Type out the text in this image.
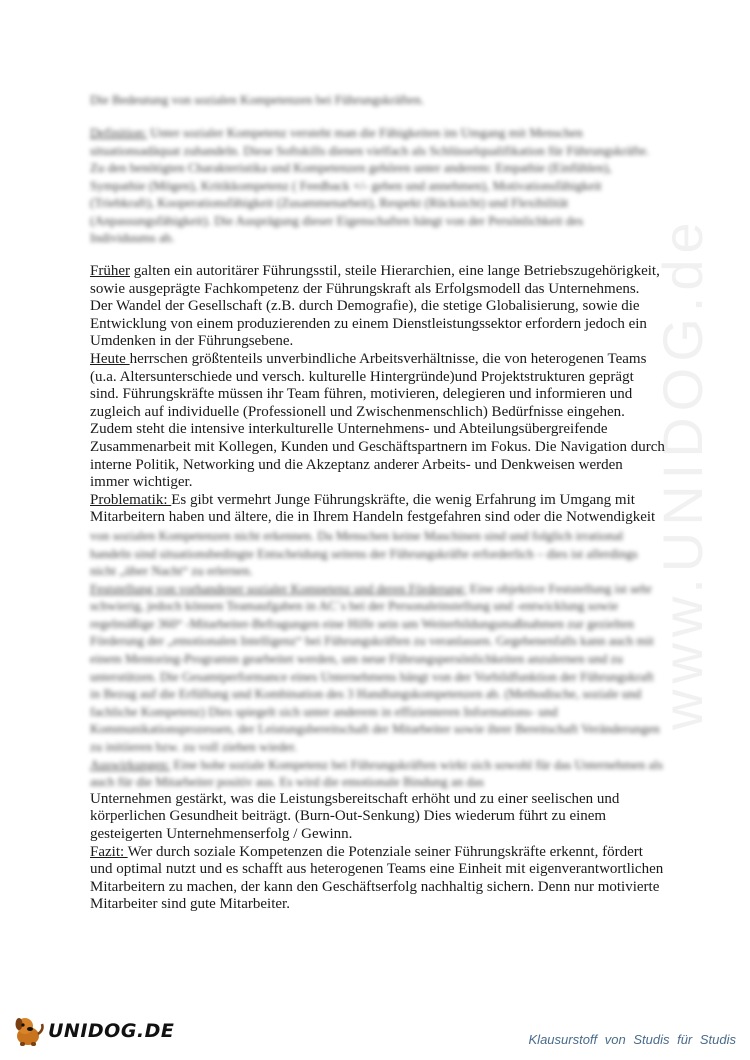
www.UNIDOG.de
Die Bedeutung von sozialen Kompetenzen bei Führungskräften.
Definition: Unter sozialer Kompetenz versteht man die Fähigkeiten im Umgang mit Menschen situationsadäquat zuhandeln. Diese Softskills dienen vielfach als Schlüsselqualifikation für Führungskräfte. Zu den benötigten Charakteristika und Kompetenzen gehören unter anderem: Empathie (Einfühlen), Sympathie (Mögen), Kritikkompetenz ( Feedback +/- geben und annehmen), Motivationsfähigkeit (Triebkraft), Kooperationsfähigkeit (Zusammenarbeit), Respekt (Rücksicht) und Flexibilität (Anpassungsfähigkeit). Die Ausprägung dieser Eigenschaften hängt von der Persönlichkeit des Individuums ab.

Früher galten ein autoritärer Führungsstil, steile Hierarchien, eine lange Betriebszugehörigkeit, sowie ausgeprägte Fachkompetenz der Führungskraft als Erfolgsmodell das Unternehmens. Der Wandel der Gesellschaft (z.B. durch Demografie), die stetige Globalisierung, sowie die Entwicklung von einem produzierenden zu einem Dienstleistungssektor erfordern jedoch ein Umdenken in der Führungsebene.

Heute herrschen größtenteils unverbindliche Arbeitsverhältnisse, die von heterogenen Teams (u.a. Altersunterschiede und versch. kulturelle Hintergründe)und Projektstrukturen geprägt sind. Führungskräfte müssen ihr Team führen, motivieren, delegieren und informieren und zugleich auf individuelle (Professionell und Zwischenmenschlich) Bedürfnisse eingehen. Zudem steht die intensive interkulturelle Unternehmens- und Abteilungsübergreifende Zusammenarbeit mit Kollegen, Kunden und Geschäftspartnern im Fokus. Die Navigation durch interne Politik, Networking und die Akzeptanz anderer Arbeits- und Denkweisen werden immer wichtiger.

Problematik: Es gibt vermehrt Junge Führungskräfte, die wenig Erfahrung im Umgang mit Mitarbeitern haben und ältere, die in Ihrem Handeln festgefahren sind oder die Notwendigkeit

von sozialen Kompetenzen nicht erkennen. Da Menschen keine Maschinen sind und folglich irrational handeln sind situationsbedingte Entscheidung seitens der Führungskräfte erforderlich – dies ist allerdings nicht „über Nacht“ zu erlernen.

Feststellung von vorhandener sozialer Kompetenz und deren Förderung: Eine objektive Feststellung ist sehr schwierig, jedoch können Teamaufgaben in AC´s bei der Personaleinstellung und -entwicklung sowie regelmäßige 360° -Mitarbeiter-Befragungen eine Hilfe sein um Weiterbildungsmaßnahmen zur gezielten Förderung der „emotionalen Intelligenz“ bei Führungskräften zu veranlassen. Gegebenenfalls kann auch mit einem Mentoring-Programm gearbeitet werden, um neue Führungspersönlichkeiten anzulernen und zu unterstützen. Die Gesamtperformance eines Unternehmens hängt von der Vorbildfunktion der Führungskraft in Bezug auf die Erfüllung und Kombination des 3 Handlungskompetenzen ab. (Methodische, soziale und fachliche Kompetenz) Dies spiegelt sich unter anderem in effizienteren Informations- und Kommunikationsprozessen, der Leistungsbereitschaft der Mitarbeiter sowie ihrer Bereitschaft Veränderungen zu initiieren bzw. zu voll ziehen wieder.

Auswirkungen: Eine hohe soziale Kompetenz bei Führungskräften wirkt sich sowohl für das Unternehmen als auch für die Mitarbeiter positiv aus. Es wird die emotionale Bindung an das

Unternehmen gestärkt, was die Leistungsbereitschaft erhöht und zu einer seelischen und körperlichen Gesundheit beiträgt. (Burn-Out-Senkung) Dies wiederum führt zu einem gesteigerten Unternehmenserfolg / Gewinn.

Fazit: Wer durch soziale Kompetenzen die Potenziale seiner Führungskräfte erkennt, fördert und optimal nutzt und es schafft aus heterogenen Teams eine Einheit mit eigenverantwortlichen Mitarbeitern zu machen, der kann den Geschäftserfolg nachhaltig sichern. Denn nur motivierte Mitarbeiter sind gute Mitarbeiter.

UNIDOG.DE	Klausurstoff von Studis für Studis
